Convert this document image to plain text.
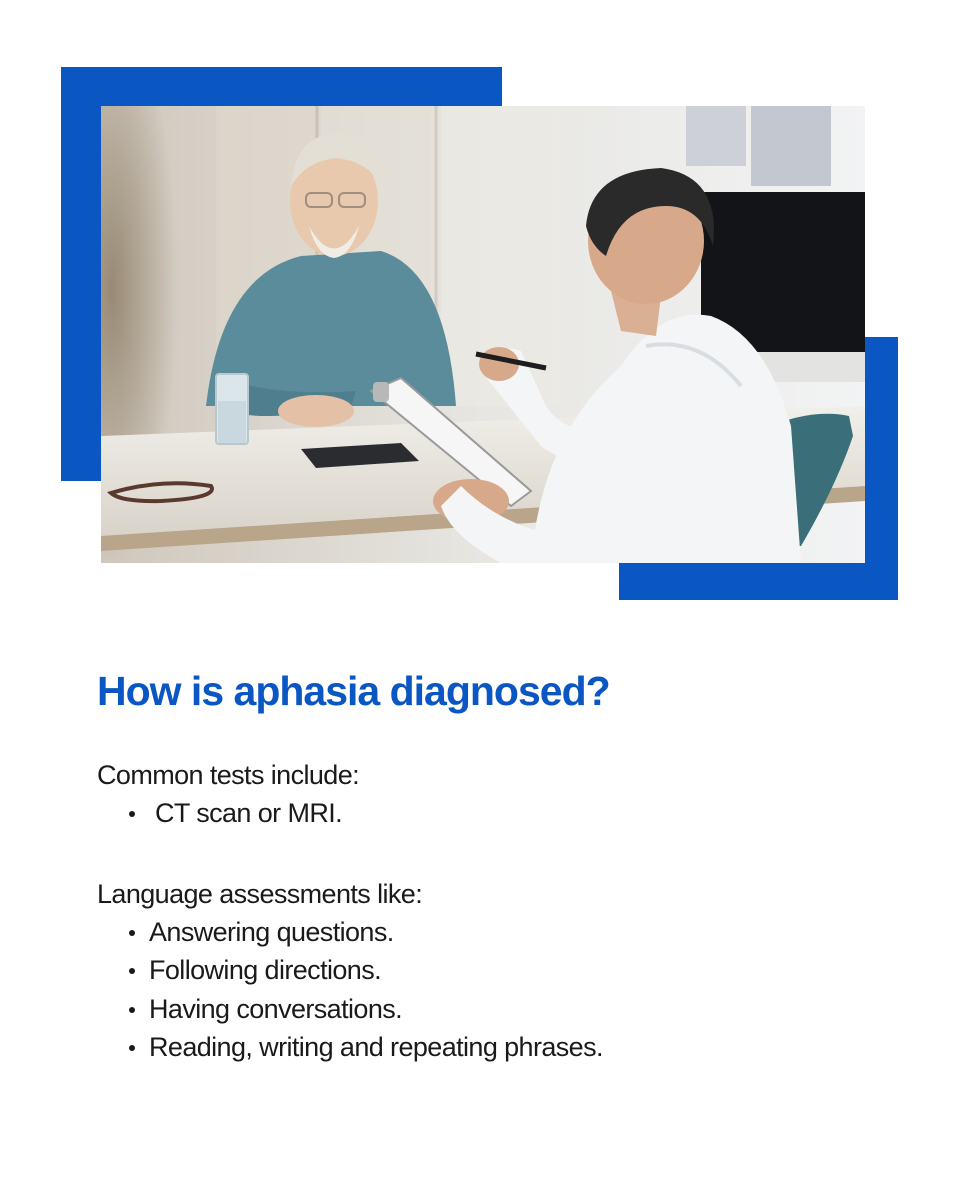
How is aphasia diagnosed?

Common tests include:

CT scan or MRI.

Language assessments like:

Answering questions.
Following directions.
Having conversations.
Reading, writing and repeating phrases.
